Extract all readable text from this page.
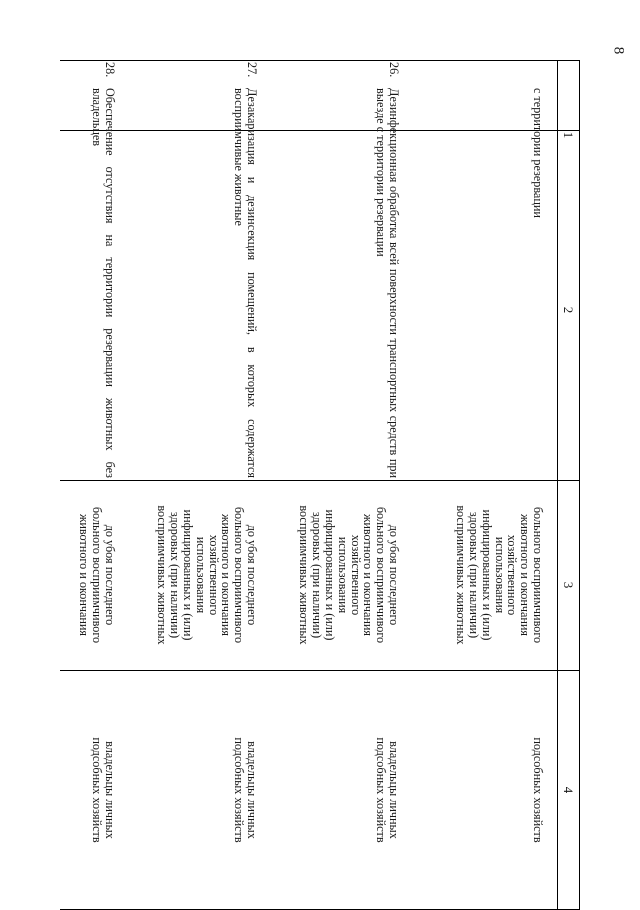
8
1
2
3
4
с территории резервации
больного восприимчивого
животного и окончания
хозяйственного
использования
инфицированных и (или)
здоровых (при наличии)
восприимчивых животных
подсобных хозяйств
26.
Дезинфекционная обработка всей поверхности транспортных средств при выезде с территории резервации
до убоя последнего
больного восприимчивого
животного и окончания
хозяйственного
использования
инфицированных и (или)
здоровых (при наличии)
восприимчивых животных
владельцы личных
подсобных хозяйств
27.
Дезакаризация и дезинсекция помещений, в которых содержатся восприимчивые животные
до убоя последнего
больного восприимчивого
животного и окончания
хозяйственного
использования
инфицированных и (или)
здоровых (при наличии)
восприимчивых животных
владельцы личных
подсобных хозяйств
28.
Обеспечение отсутствия на территории резервации животных без владельцев
до убоя последнего
больного восприимчивого
животного и окончания
владельцы личных
подсобных хозяйств
